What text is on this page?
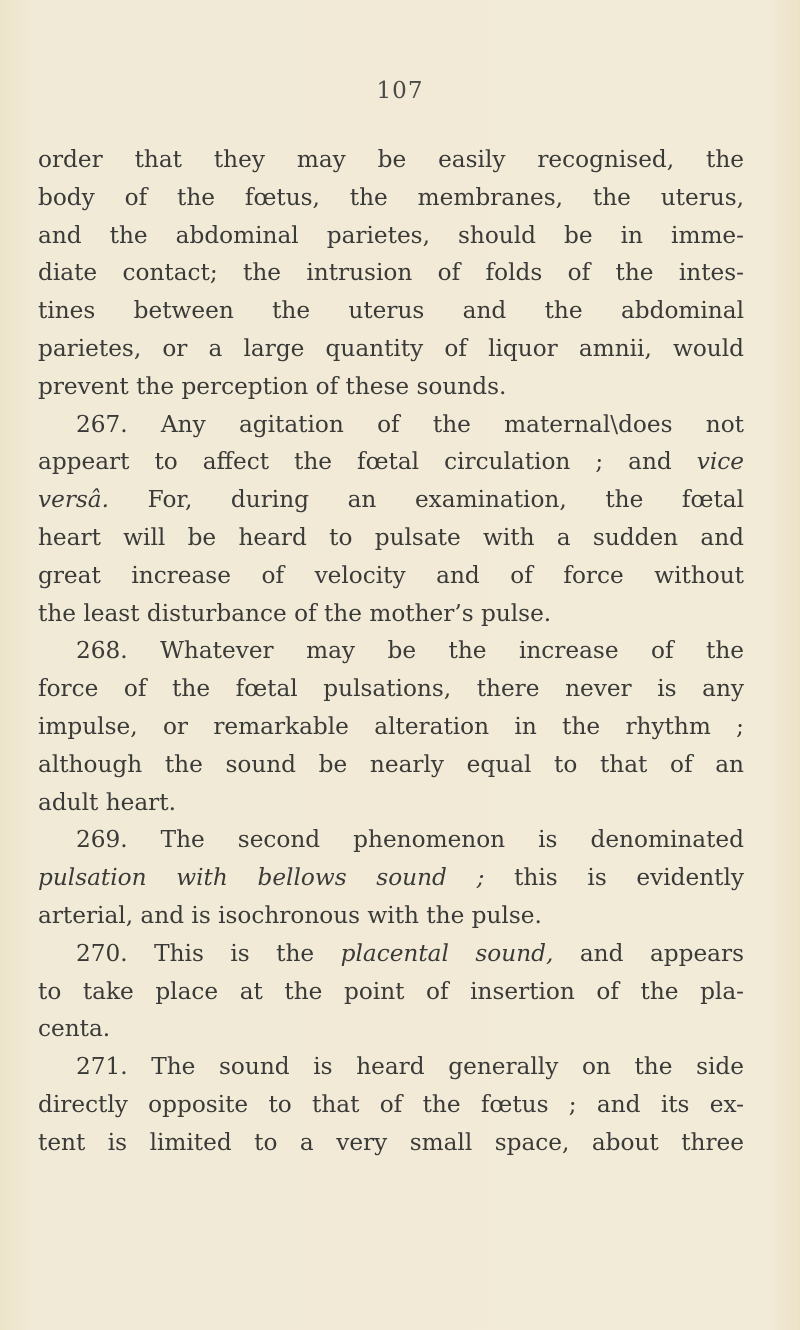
107
order that they may be easily recognised, the
body of the fœtus, the membranes, the uterus,
and the abdominal parietes, should be in imme-
diate contact; the intrusion of folds of the intes-
tines between the uterus and the abdominal
parietes, or a large quantity of liquor amnii, would
prevent the perception of these sounds.
267. Any agitation of the maternal\does not
appeart to affect the fœtal circulation ; and vice
versâ. For, during an examination, the fœtal
heart will be heard to pulsate with a sudden and
great increase of velocity and of force without
the least disturbance of the mother’s pulse.
268. Whatever may be the increase of the
force of the fœtal pulsations, there never is any
impulse, or remarkable alteration in the rhythm ;
although the sound be nearly equal to that of an
adult heart.
269. The second phenomenon is denominated
pulsation with bellows sound ; this is evidently
arterial, and is isochronous with the pulse.
270. This is the placental sound, and appears
to take place at the point of insertion of the pla-
centa.
271. The sound is heard generally on the side
directly opposite to that of the fœtus ; and its ex-
tent is limited to a very small space, about three
